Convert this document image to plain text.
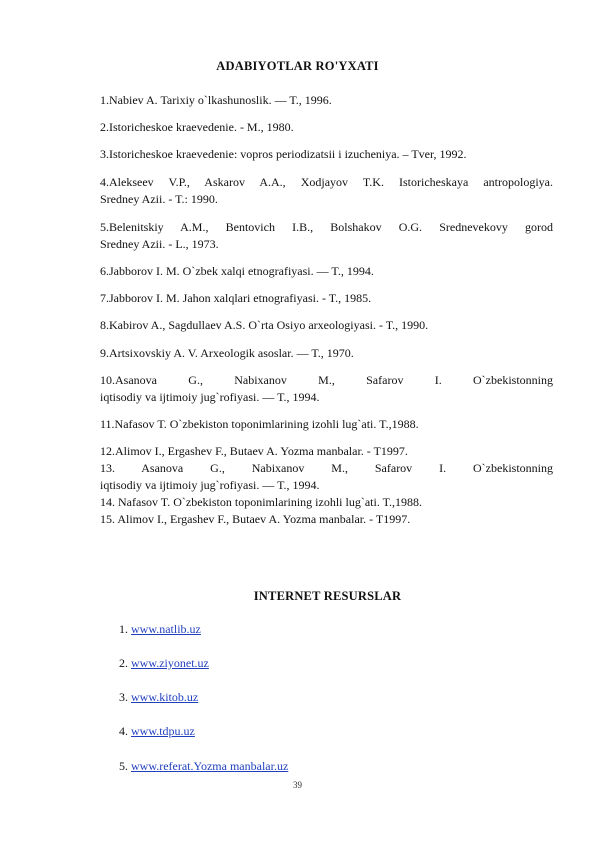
ADABIYOTLAR RO'YXATI
1.Nabiev A. Tarixiy o`lkashunoslik. — T., 1996.
2.Istoricheskoe kraevedenie. - M., 1980.
3.Istoricheskoe kraevedenie: vopros periodizatsii i izucheniya. – Tver, 1992.
4.Alekseev V.P., Askarov A.A., Xodjayov T.K. Istoricheskaya antropologiya.
Sredney Azii. - T.: 1990.
5.Belenitskiy A.M., Bentovich I.B., Bolshakov O.G. Srednevekovy gorod
Sredney Azii. - L., 1973.
6.Jabborov I. M. O`zbek xalqi etnografiyasi. — T., 1994.
7.Jabborov I. M. Jahon xalqlari etnografiyasi. - T., 1985.
8.Kabirov A., Sagdullaev A.S. O`rta Osiyo arxeologiyasi. - T., 1990.
9.Artsixovskiy A. V. Arxeologik asoslar. — T., 1970.
10.Asanova G., Nabixanov M., Safarov I. O`zbekistonning
iqtisodiy va ijtimoiy jug`rofiyasi. — T., 1994.
11.Nafasov T. O`zbekiston toponimlarining izohli lug`ati. T.,1988.
12.Alimov I., Ergashev F., Butaev A. Yozma manbalar. - T1997.
13. Asanova G., Nabixanov M., Safarov I. O`zbekistonning
iqtisodiy va ijtimoiy jug`rofiyasi. — T., 1994.
14. Nafasov T. O`zbekiston toponimlarining izohli lug`ati. T.,1988.
15. Alimov I., Ergashev F., Butaev A. Yozma manbalar. - T1997.
INTERNET RESURSLAR
1. www.natlib.uz
2. www.ziyonet.uz
3. www.kitob.uz
4. www.tdpu.uz
5. www.referat.Yozma manbalar.uz
39
